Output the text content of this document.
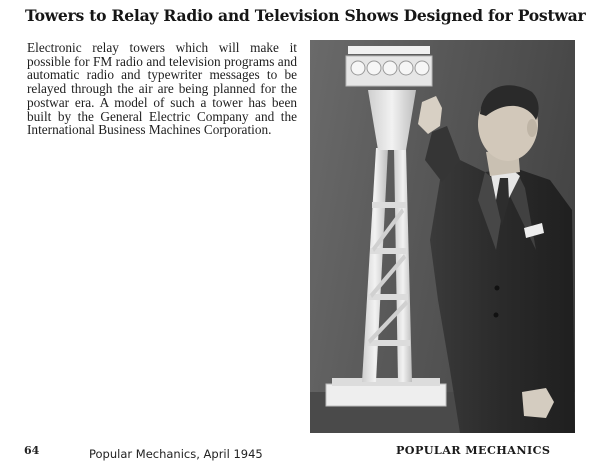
Towers to Relay Radio and Television Shows Designed for Postwar

Electronic relay towers which will make it possible for FM radio and television programs and automatic radio and typewriter messages to be relayed through the air are being planned for the postwar era. A model of such a tower has been built by the General Electric Company and the International Business Machines Corporation.

64	Popular Mechanics, April 1945	POPULAR MECHANICS
